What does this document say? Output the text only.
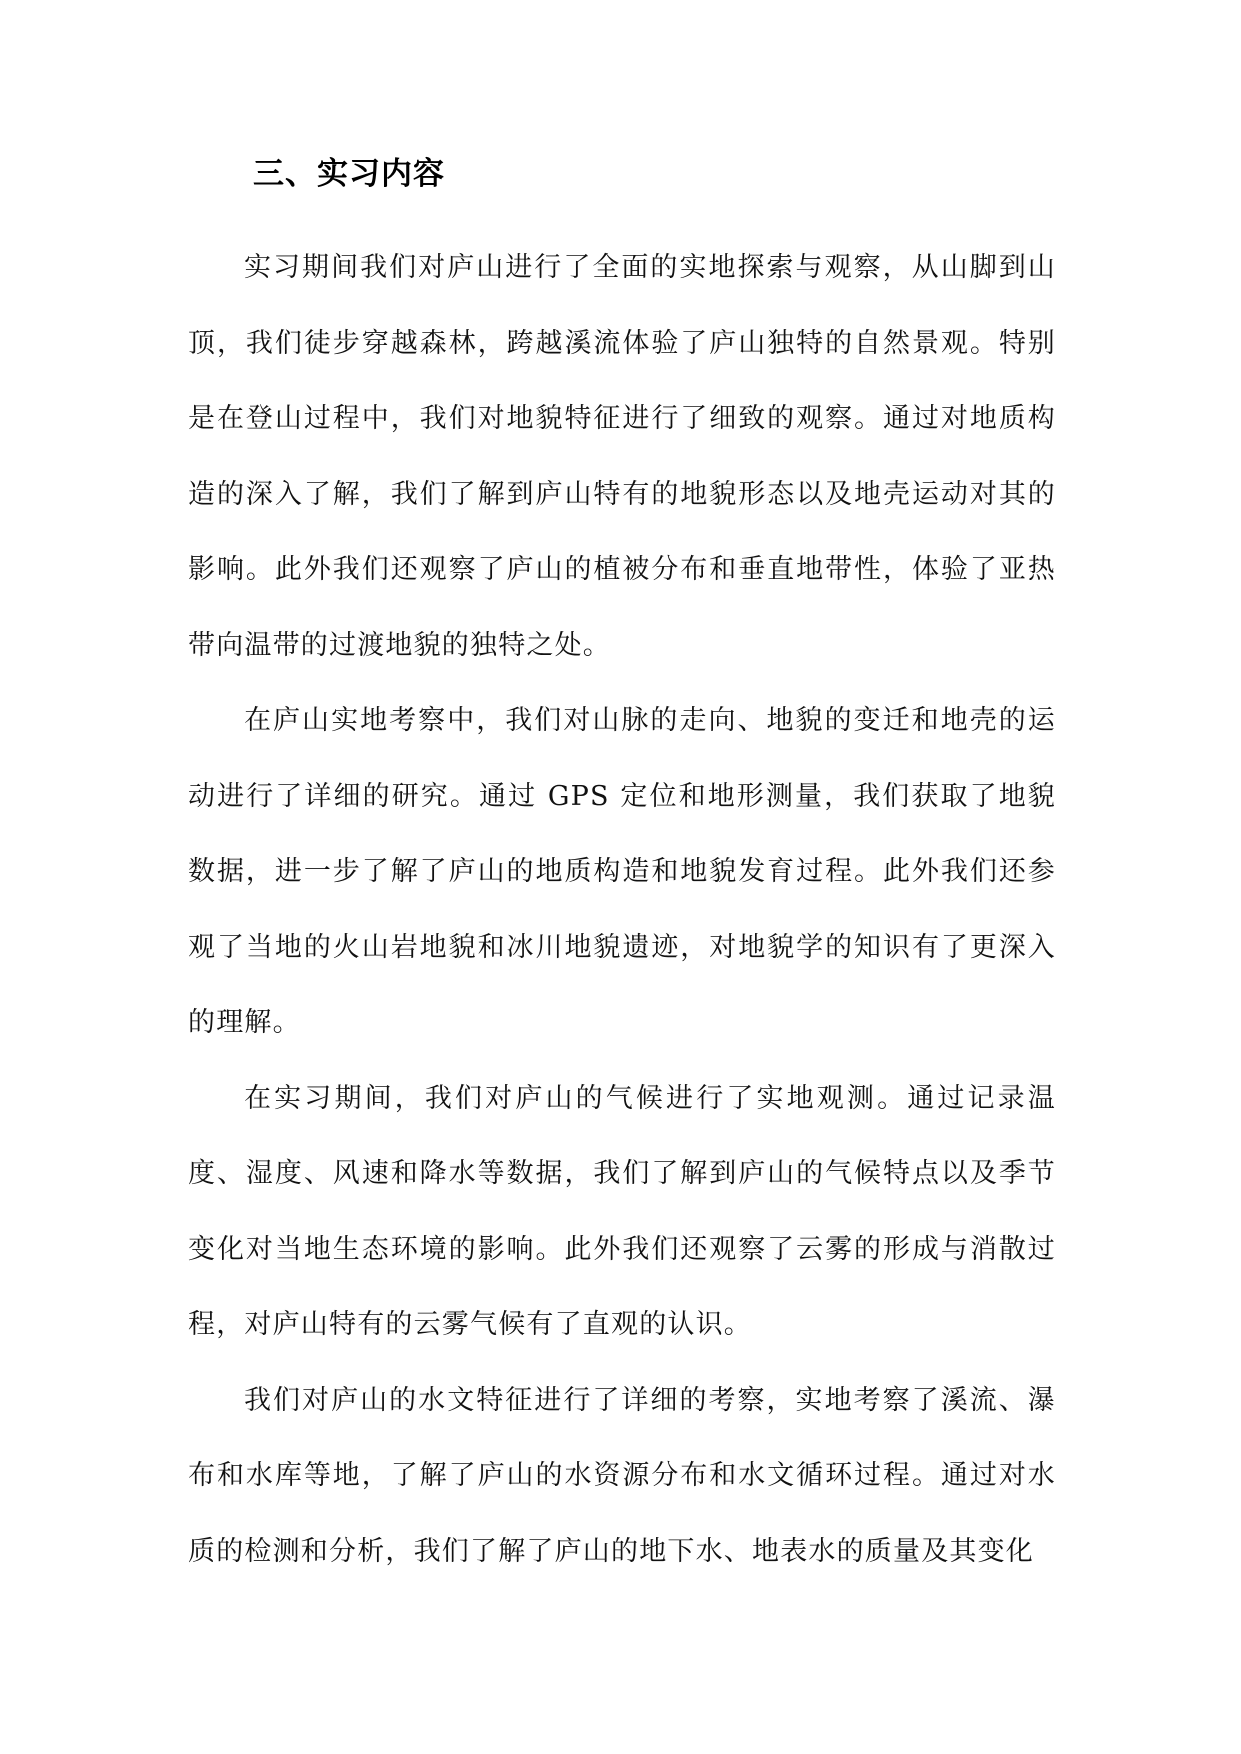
三、实习内容

实习期间我们对庐山进行了全面的实地探索与观察，从山脚到山顶，我们徒步穿越森林，跨越溪流体验了庐山独特的自然景观。特别是在登山过程中，我们对地貌特征进行了细致的观察。通过对地质构造的深入了解，我们了解到庐山特有的地貌形态以及地壳运动对其的影响。此外我们还观察了庐山的植被分布和垂直地带性，体验了亚热带向温带的过渡地貌的独特之处。

在庐山实地考察中，我们对山脉的走向、地貌的变迁和地壳的运动进行了详细的研究。通过 GPS 定位和地形测量，我们获取了地貌数据，进一步了解了庐山的地质构造和地貌发育过程。此外我们还参观了当地的火山岩地貌和冰川地貌遗迹，对地貌学的知识有了更深入的理解。

在实习期间，我们对庐山的气候进行了实地观测。通过记录温度、湿度、风速和降水等数据，我们了解到庐山的气候特点以及季节变化对当地生态环境的影响。此外我们还观察了云雾的形成与消散过程，对庐山特有的云雾气候有了直观的认识。

我们对庐山的水文特征进行了详细的考察，实地考察了溪流、瀑布和水库等地，了解了庐山的水资源分布和水文循环过程。通过对水质的检测和分析，我们了解了庐山的地下水、地表水的质量及其变化
